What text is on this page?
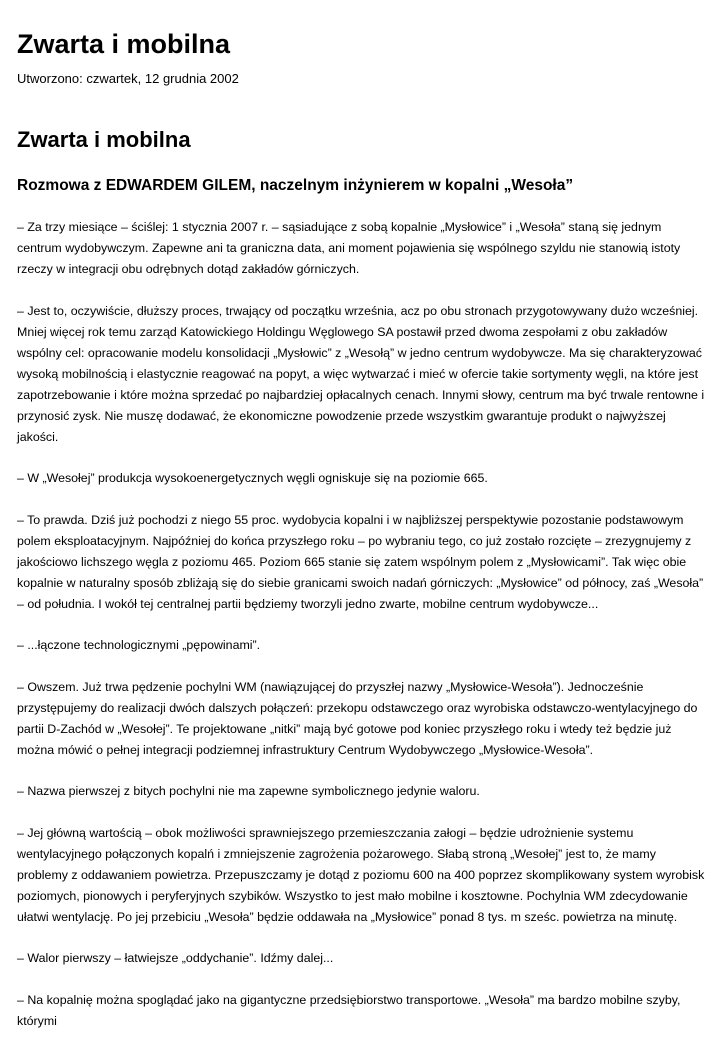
Zwarta i mobilna

Utworzono: czwartek, 12 grudnia 2002

Zwarta i mobilna
Rozmowa z EDWARDEM GILEM, naczelnym inżynierem w kopalni „Wesoła”

– Za trzy miesiące – ściślej: 1 stycznia 2007 r. – sąsiadujące z sobą kopalnie „Mysłowice” i „Wesoła” staną się jednym centrum wydobywczym. Zapewne ani ta graniczna data, ani moment pojawienia się wspólnego szyldu nie stanowią istoty rzeczy w integracji obu odrębnych dotąd zakładów górniczych.

– Jest to, oczywiście, dłuższy proces, trwający od początku września, acz po obu stronach przygotowywany dużo wcześniej. Mniej więcej rok temu zarząd Katowickiego Holdingu Węglowego SA postawił przed dwoma zespołami z obu zakładów wspólny cel: opracowanie modelu konsolidacji „Mysłowic” z „Wesołą” w jedno centrum wydobywcze. Ma się charakteryzować wysoką mobilnością i elastycznie reagować na popyt, a więc wytwarzać i mieć w ofercie takie sortymenty węgli, na które jest zapotrzebowanie i które można sprzedać po najbardziej opłacalnych cenach. Innymi słowy, centrum ma być trwale rentowne i przynosić zysk. Nie muszę dodawać, że ekonomiczne powodzenie przede wszystkim gwarantuje produkt o najwyższej jakości.

– W „Wesołej” produkcja wysokoenergetycznych węgli ogniskuje się na poziomie 665.

– To prawda. Dziś już pochodzi z niego 55 proc. wydobycia kopalni i w najbliższej perspektywie pozostanie podstawowym polem eksploatacyjnym. Najpóźniej do końca przyszłego roku – po wybraniu tego, co już zostało rozcięte – zrezygnujemy z jakościowo lichszego węgla z poziomu 465. Poziom 665 stanie się zatem wspólnym polem z „Mysłowicami”. Tak więc obie kopalnie w naturalny sposób zbliżają się do siebie granicami swoich nadań górniczych: „Mysłowice” od północy, zaś „Wesoła” – od południa. I wokół tej centralnej partii będziemy tworzyli jedno zwarte, mobilne centrum wydobywcze...

– ...łączone technologicznymi „pępowinami”.

– Owszem. Już trwa pędzenie pochylni WM (nawiązującej do przyszłej nazwy „Mysłowice-Wesoła”). Jednocześnie przystępujemy do realizacji dwóch dalszych połączeń: przekopu odstawczego oraz wyrobiska odstawczo-wentylacyjnego do partii D-Zachód w „Wesołej”. Te projektowane „nitki” mają być gotowe pod koniec przyszłego roku i wtedy też będzie już można mówić o pełnej integracji podziemnej infrastruktury Centrum Wydobywczego „Mysłowice-Wesoła”.

– Nazwa pierwszej z bitych pochylni nie ma zapewne symbolicznego jedynie waloru.

– Jej główną wartością – obok możliwości sprawniejszego przemieszczania załogi – będzie udrożnienie systemu wentylacyjnego połączonych kopalń i zmniejszenie zagrożenia pożarowego. Słabą stroną „Wesołej” jest to, że mamy problemy z oddawaniem powietrza. Przepuszczamy je dotąd z poziomu 600 na 400 poprzez skomplikowany system wyrobisk poziomych, pionowych i peryferyjnych szybików. Wszystko to jest mało mobilne i kosztowne. Pochylnia WM zdecydowanie ułatwi wentylację. Po jej przebiciu „Wesoła” będzie oddawała na „Mysłowice” ponad 8 tys. m sześc. powietrza na minutę.

– Walor pierwszy – łatwiejsze „oddychanie”. Idźmy dalej...

– Na kopalnię można spoglądać jako na gigantyczne przedsiębiorstwo transportowe. „Wesoła” ma bardzo mobilne szyby, którymi
